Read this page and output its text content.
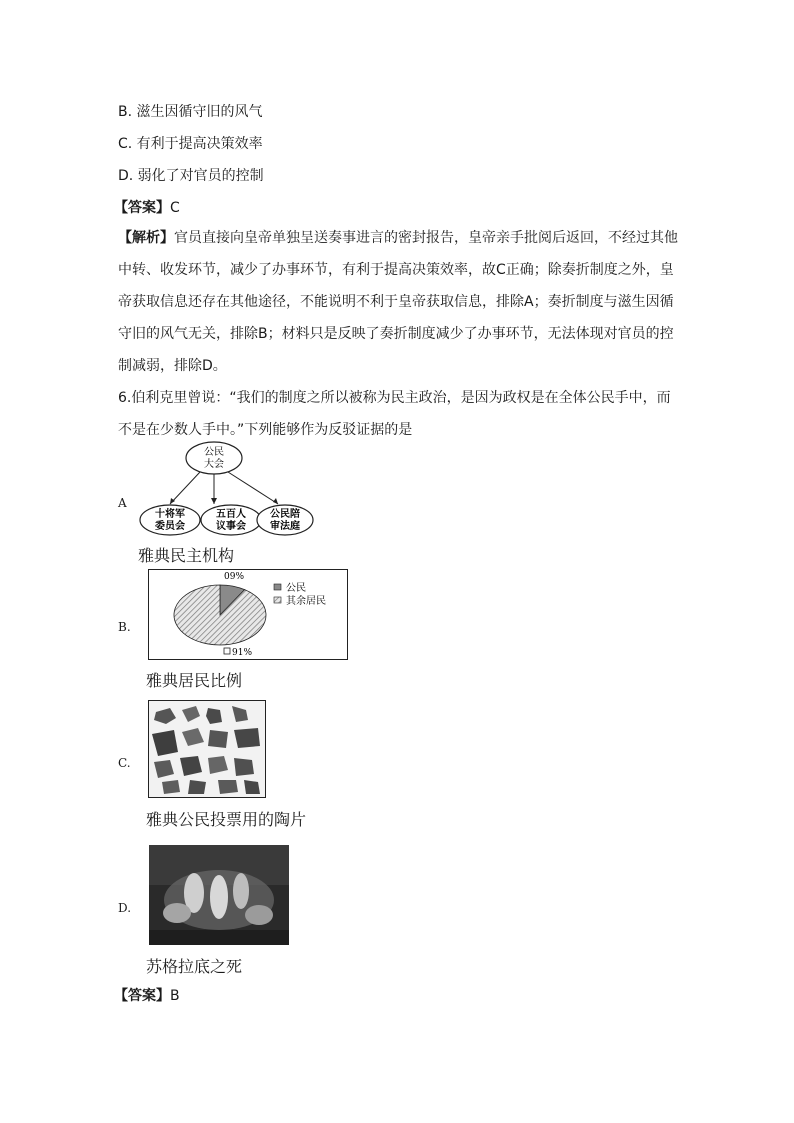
B. 滋生因循守旧的风气
C. 有利于提高决策效率
D. 弱化了对官员的控制
【答案】C
【解析】官员直接向皇帝单独呈送奏事进言的密封报告，皇帝亲手批阅后返回，不经过其他中转、收发环节，减少了办事环节，有利于提高决策效率，故C正确；除奏折制度之外，皇帝获取信息还存在其他途径，不能说明不利于皇帝获取信息，排除A；奏折制度与滋生因循守旧的风气无关，排除B；材料只是反映了奏折制度减少了办事环节，无法体现对官员的控制减弱，排除D。
6.伯利克里曾说：“我们的制度之所以被称为民主政治，是因为政权是在全体公民手中，而不是在少数人手中。”下列能够作为反驳证据的是
A
公民
大会
十将军
委员会
五百人
议事会
公民陪
审法庭
雅典民主机构
B.
09%
91%
公民
其余居民
雅典居民比例
C.
雅典公民投票用的陶片
D.
苏格拉底之死
【答案】B
